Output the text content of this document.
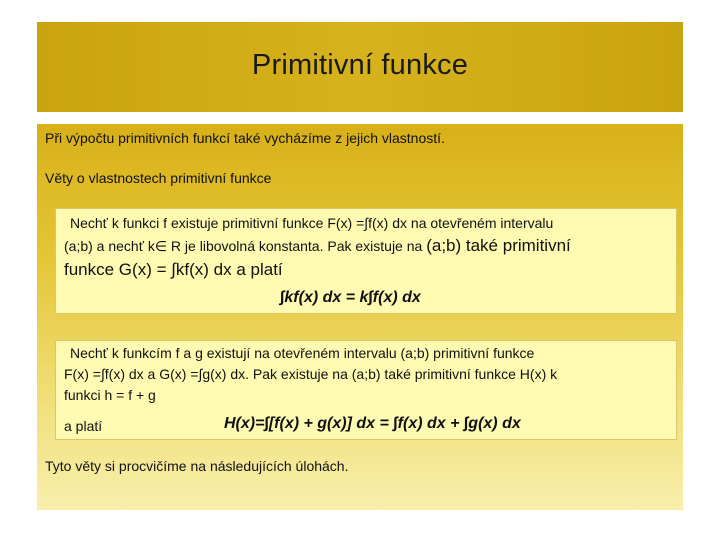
Primitivní funkce
Při výpočtu primitivních funkcí také vycházíme z jejich vlastností.
Věty o vlastnostech primitivní funkce
Nechť k funkci f existuje primitivní funkce F(x) =∫f(x) dx na otevřeném intervalu
(a;b) a nechť k∈ R je libovolná konstanta. Pak existuje na (a;b) také primitivní
funkce G(x) = ∫kf(x) dx a platí
∫kf(x) dx = k∫f(x) dx
Nechť k funkcím f a g existují na otevřeném intervalu (a;b) primitivní funkce
F(x) =∫f(x) dx a G(x) =∫g(x) dx. Pak existuje na (a;b) také primitivní funkce H(x) k
funkci h = f + g
a platí	H(x)=∫[f(x) + g(x)] dx = ∫f(x) dx + ∫g(x) dx
Tyto věty si procvičíme na následujících úlohách.
